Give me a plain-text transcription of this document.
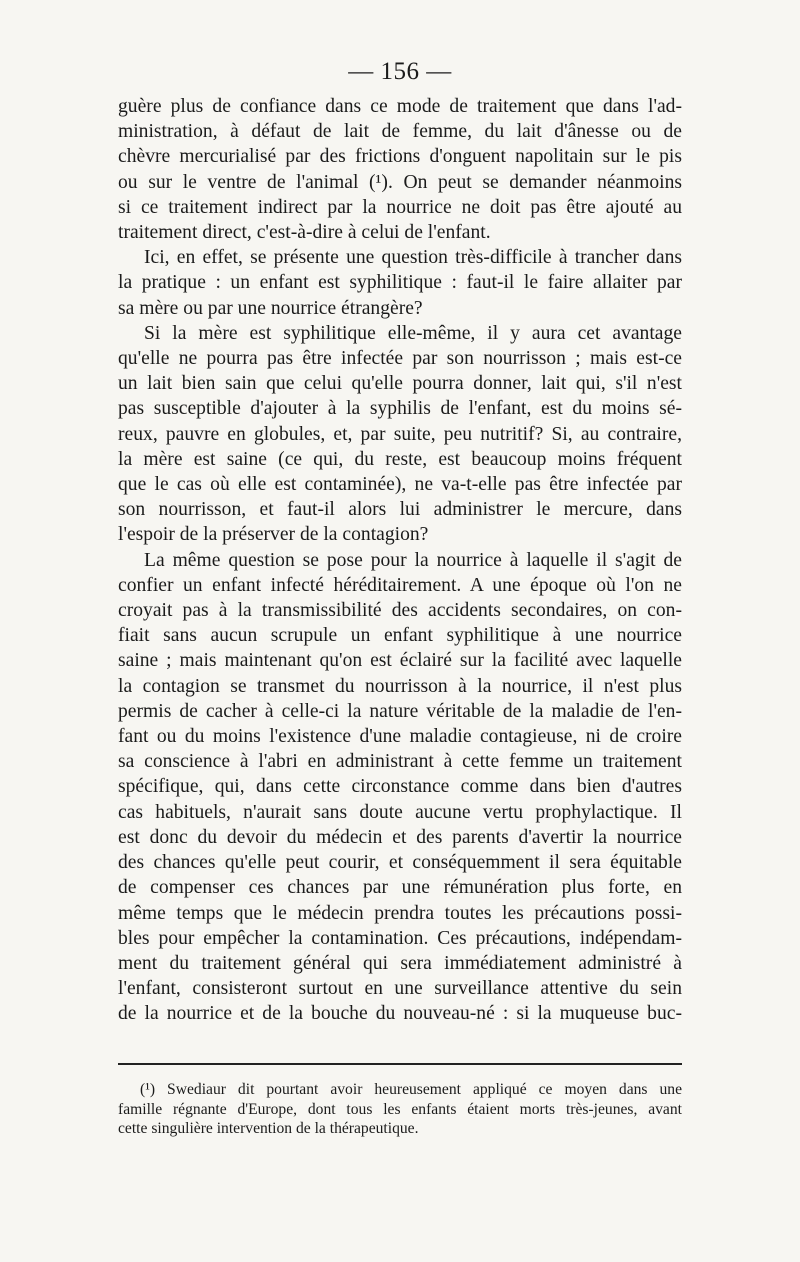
— 156 —

guère plus de confiance dans ce mode de traitement que dans l'ad-

ministration, à défaut de lait de femme, du lait d'ânesse ou de

chèvre mercurialisé par des frictions d'onguent napolitain sur le pis

ou sur le ventre de l'animal (¹). On peut se demander néanmoins

si ce traitement indirect par la nourrice ne doit pas être ajouté au

traitement direct, c'est-à-dire à celui de l'enfant.

Ici, en effet, se présente une question très-difficile à trancher dans

la pratique : un enfant est syphilitique : faut-il le faire allaiter par

sa mère ou par une nourrice étrangère?

Si la mère est syphilitique elle-même, il y aura cet avantage

qu'elle ne pourra pas être infectée par son nourrisson ; mais est-ce

un lait bien sain que celui qu'elle pourra donner, lait qui, s'il n'est

pas susceptible d'ajouter à la syphilis de l'enfant, est du moins sé-

reux, pauvre en globules, et, par suite, peu nutritif? Si, au contraire,

la mère est saine (ce qui, du reste, est beaucoup moins fréquent

que le cas où elle est contaminée), ne va-t-elle pas être infectée par

son nourrisson, et faut-il alors lui administrer le mercure, dans

l'espoir de la préserver de la contagion?

La même question se pose pour la nourrice à laquelle il s'agit de

confier un enfant infecté héréditairement. A une époque où l'on ne

croyait pas à la transmissibilité des accidents secondaires, on con-

fiait sans aucun scrupule un enfant syphilitique à une nourrice

saine ; mais maintenant qu'on est éclairé sur la facilité avec laquelle

la contagion se transmet du nourrisson à la nourrice, il n'est plus

permis de cacher à celle-ci la nature véritable de la maladie de l'en-

fant ou du moins l'existence d'une maladie contagieuse, ni de croire

sa conscience à l'abri en administrant à cette femme un traitement

spécifique, qui, dans cette circonstance comme dans bien d'autres

cas habituels, n'aurait sans doute aucune vertu prophylactique. Il

est donc du devoir du médecin et des parents d'avertir la nourrice

des chances qu'elle peut courir, et conséquemment il sera équitable

de compenser ces chances par une rémunération plus forte, en

même temps que le médecin prendra toutes les précautions possi-

bles pour empêcher la contamination. Ces précautions, indépendam-

ment du traitement général qui sera immédiatement administré à

l'enfant, consisteront surtout en une surveillance attentive du sein

de la nourrice et de la bouche du nouveau-né : si la muqueuse buc-

(¹) Swediaur dit pourtant avoir heureusement appliqué ce moyen dans une

famille régnante d'Europe, dont tous les enfants étaient morts très-jeunes, avant

cette singulière intervention de la thérapeutique.
